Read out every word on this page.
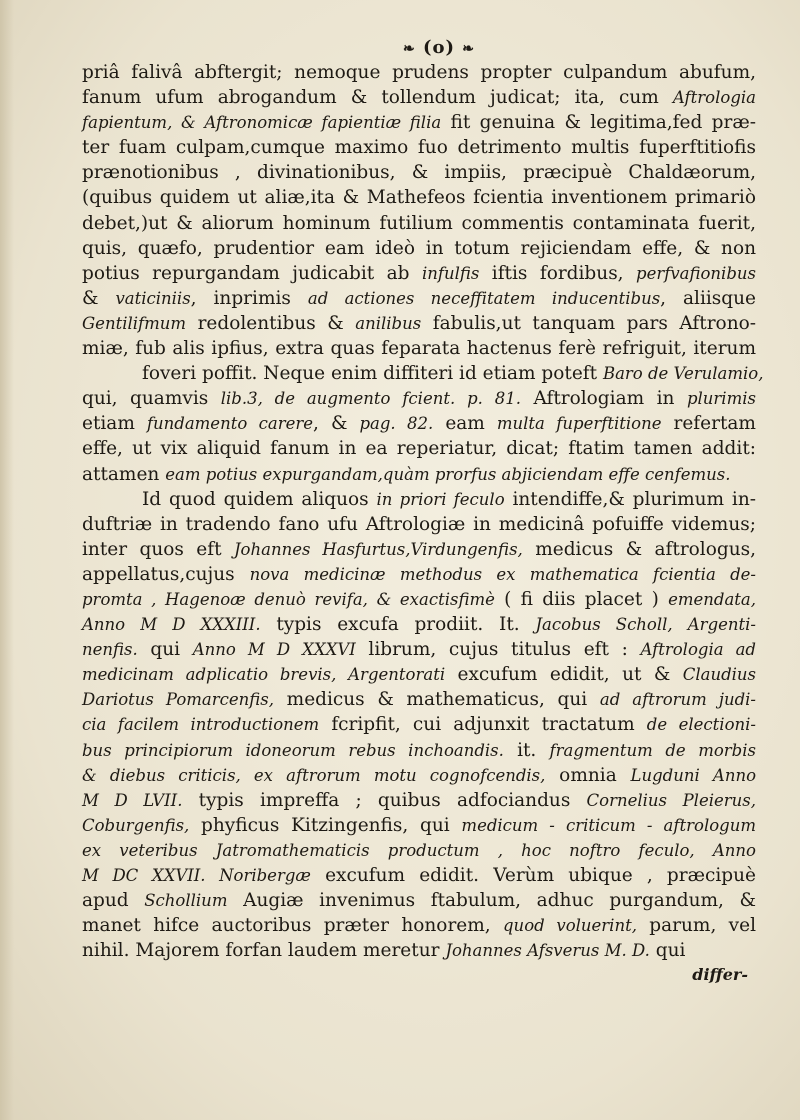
❧ (o) ❧
priâ falivâ abftergit; nemoque prudens propter culpandum abufum,
fanum ufum abrogandum & tollendum judicat; ita, cum Aftrologia
fapientum, & Aftronomicæ fapientiæ filia fit genuina & legitima,fed præ-
ter fuam culpam,cumque maximo fuo detrimento multis fuperftitiofis
prænotionibus , divinationibus, & impiis, præcipuè Chaldæorum,
(quibus quidem ut aliæ,ita & Mathefeos fcientia inventionem primariò
debet,)ut & aliorum hominum futilium commentis contaminata fuerit,
quis, quæfo, prudentior eam ideò in totum rejiciendam effe, & non
potius repurgandam judicabit ab infulfis iftis fordibus, perfvafionibus
& vaticiniis, inprimis ad actiones neceffitatem inducentibus, aliisque
Gentilifmum redolentibus & anilibus fabulis,ut tanquam pars Aftrono-
miæ, fub alis ipfius, extra quas feparata hactenus ferè refriguit, iterum
foveri poffit. Neque enim diffiteri id etiam poteft Baro de Verulamio,
qui, quamvis lib.3, de augmento fcient. p. 81. Aftrologiam in plurimis
etiam fundamento carere, & pag. 82. eam multa fuperftitione refertam
effe, ut vix aliquid fanum in ea reperiatur, dicat; ftatim tamen addit:
attamen eam potius expurgandam,quàm prorfus abjiciendam effe cenfemus.
Id quod quidem aliquos in priori feculo intendiffe,& plurimum in-
duftriæ in tradendo fano ufu Aftrologiæ in medicinâ pofuiffe videmus;
inter quos eft Johannes Hasfurtus,Virdungenfis, medicus & aftrologus,
appellatus,cujus nova medicinæ methodus ex mathematica fcientia de-
promta , Hagenoæ denuò revifa, & exactisfimè ( fi diis placet ) emendata,
Anno M D XXXIII. typis excufa prodiit. It. Jacobus Scholl, Argenti-
nenfis. qui Anno M D XXXVI librum, cujus titulus eft : Aftrologia ad
medicinam adplicatio brevis, Argentorati excufum edidit, ut & Claudius
Dariotus Pomarcenfis, medicus & mathematicus, qui ad aftrorum judi-
cia facilem introductionem fcripfit, cui adjunxit tractatum de electioni-
bus principiorum idoneorum rebus inchoandis. it. fragmentum de morbis
& diebus criticis, ex aftrorum motu cognofcendis, omnia Lugduni Anno
M D LVII. typis impreffa ; quibus adfociandus Cornelius Pleierus,
Coburgenfis, phyficus Kitzingenfis, qui medicum - criticum - aftrologum
ex veteribus Jatromathematicis productum , hoc noftro feculo, Anno
M DC XXVII. Noribergæ excufum edidit. Verùm ubique , præcipuè
apud Schollium Augiæ invenimus ftabulum, adhuc purgandum, &
manet hifce auctoribus præter honorem, quod voluerint, parum, vel
nihil. Majorem forfan laudem meretur Johannes Afsverus M. D. qui
differ-
